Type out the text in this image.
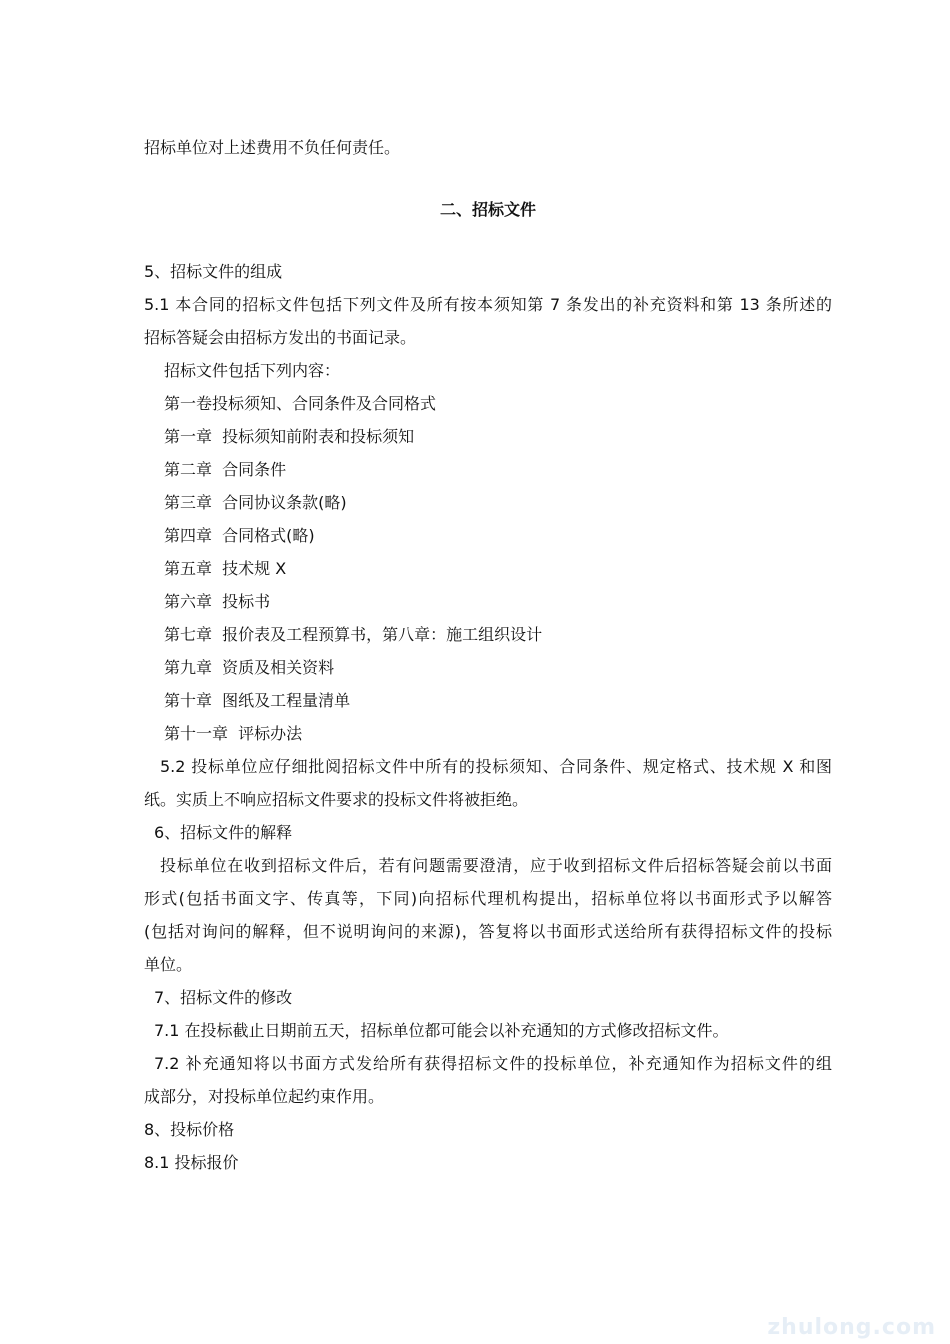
招标单位对上述费用不负任何责任。
二、招标文件
5、招标文件的组成
5.1 本合同的招标文件包括下列文件及所有按本须知第 7 条发出的补充资料和第 13 条所述的
招标答疑会由招标方发出的书面记录。
招标文件包括下列内容：
第一卷投标须知、合同条件及合同格式
第一章  投标须知前附表和投标须知
第二章  合同条件
第三章  合同协议条款(略)
第四章  合同格式(略)
第五章  技术规 X
第六章  投标书
第七章  报价表及工程预算书，第八章：施工组织设计
第九章  资质及相关资料
第十章  图纸及工程量清单
第十一章  评标办法
5.2 投标单位应仔细批阅招标文件中所有的投标须知、合同条件、规定格式、技术规 X 和图
纸。实质上不响应招标文件要求的投标文件将被拒绝。
6、招标文件的解释
投标单位在收到招标文件后，若有问题需要澄清，应于收到招标文件后招标答疑会前以书面
形式(包括书面文字、传真等，下同)向招标代理机构提出，招标单位将以书面形式予以解答
(包括对询问的解释，但不说明询问的来源)，答复将以书面形式送给所有获得招标文件的投标
单位。
7、招标文件的修改
7.1 在投标截止日期前五天，招标单位都可能会以补充通知的方式修改招标文件。
7.2 补充通知将以书面方式发给所有获得招标文件的投标单位，补充通知作为招标文件的组
成部分，对投标单位起约束作用。
8、投标价格
8.1 投标报价
zhulong.com
